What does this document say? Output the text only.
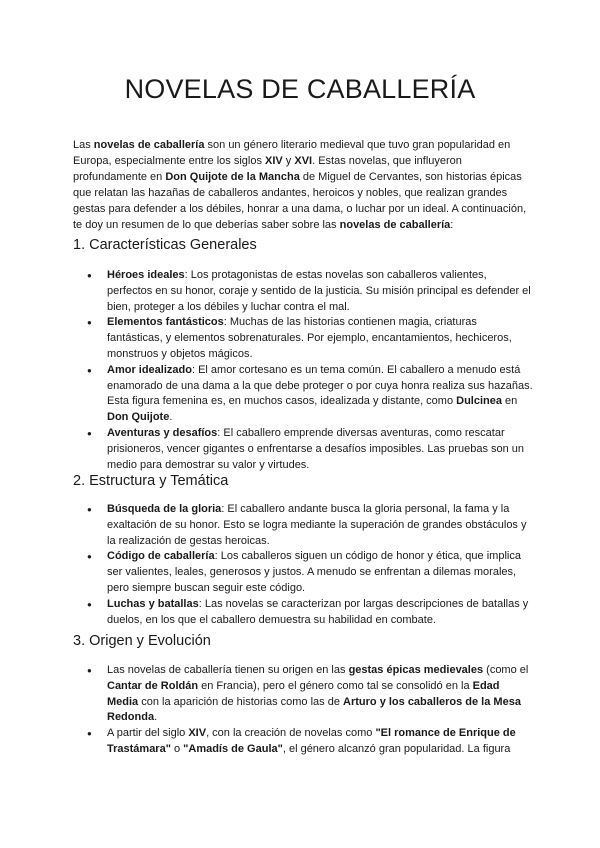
NOVELAS DE CABALLERÍA

Las novelas de caballería son un género literario medieval que tuvo gran popularidad en Europa, especialmente entre los siglos XIV y XVI. Estas novelas, que influyeron profundamente en Don Quijote de la Mancha de Miguel de Cervantes, son historias épicas que relatan las hazañas de caballeros andantes, heroicos y nobles, que realizan grandes gestas para defender a los débiles, honrar a una dama, o luchar por un ideal. A continuación, te doy un resumen de lo que deberías saber sobre las novelas de caballería:

1. Características Generales
● Héroes ideales: Los protagonistas de estas novelas son caballeros valientes, perfectos en su honor, coraje y sentido de la justicia. Su misión principal es defender el bien, proteger a los débiles y luchar contra el mal.
● Elementos fantásticos: Muchas de las historias contienen magia, criaturas fantásticas, y elementos sobrenaturales. Por ejemplo, encantamientos, hechiceros, monstruos y objetos mágicos.
● Amor idealizado: El amor cortesano es un tema común. El caballero a menudo está enamorado de una dama a la que debe proteger o por cuya honra realiza sus hazañas. Esta figura femenina es, en muchos casos, idealizada y distante, como Dulcinea en Don Quijote.
● Aventuras y desafíos: El caballero emprende diversas aventuras, como rescatar prisioneros, vencer gigantes o enfrentarse a desafíos imposibles. Las pruebas son un medio para demostrar su valor y virtudes.
2. Estructura y Temática
● Búsqueda de la gloria: El caballero andante busca la gloria personal, la fama y la exaltación de su honor. Esto se logra mediante la superación de grandes obstáculos y la realización de gestas heroicas.
● Código de caballería: Los caballeros siguen un código de honor y ética, que implica ser valientes, leales, generosos y justos. A menudo se enfrentan a dilemas morales, pero siempre buscan seguir este código.
● Luchas y batallas: Las novelas se caracterizan por largas descripciones de batallas y duelos, en los que el caballero demuestra su habilidad en combate.
3. Origen y Evolución
● Las novelas de caballería tienen su origen en las gestas épicas medievales (como el Cantar de Roldán en Francia), pero el género como tal se consolidó en la Edad Media con la aparición de historias como las de Arturo y los caballeros de la Mesa Redonda.
● A partir del siglo XIV, con la creación de novelas como "El romance de Enrique de Trastámara" o "Amadís de Gaula", el género alcanzó gran popularidad. La figura
